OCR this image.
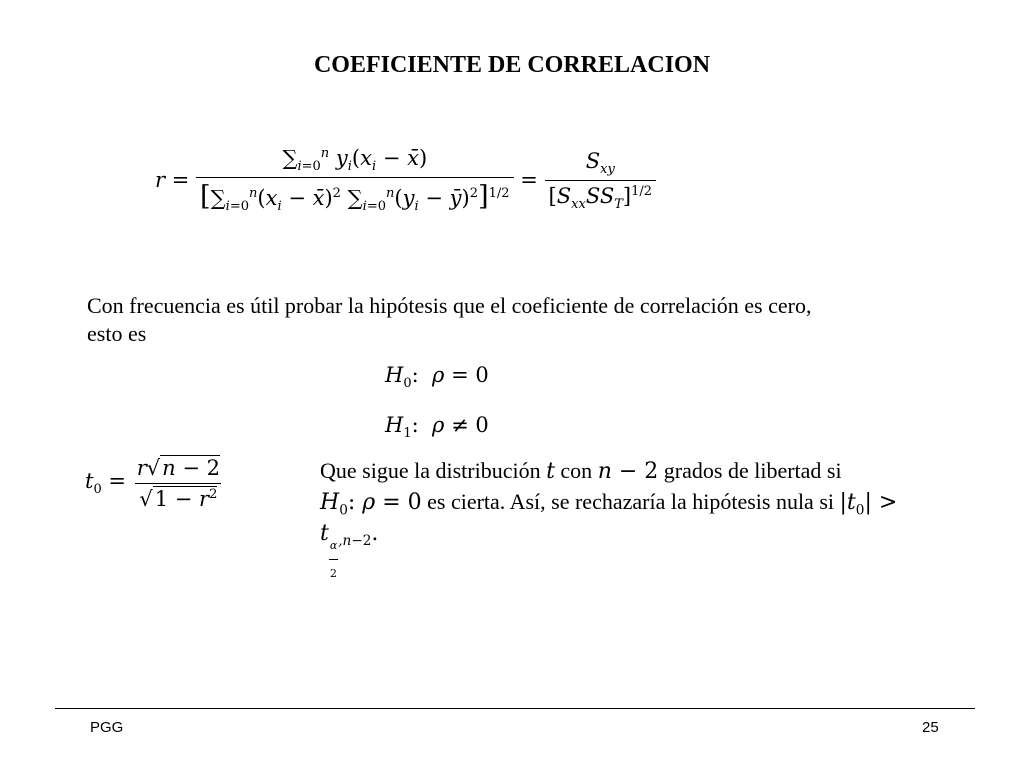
COEFICIENTE DE CORRELACION
$r = \frac{\sum_{i=0}^n y_i(x_i - x̄)}{[\sum_{i=0}^n(x_i - x̄)^2 \sum_{i=0}^n(y_i - ȳ)^2]^{1/2}} = \frac{S_{xy}}{[S_{xx}SS_T]^{1/2}}$
Con frecuencia es útil probar la hipótesis que el coeficiente de correlación es cero,
esto es
$H_0$:  ρ = 0
$H_1$:  ρ ≠ 0
$t_0 = \frac{r√n - 2}{√1 - r^2}$	Que sigue la distribución t con n − 2 grados de libertad si
$H_0$: ρ = 0 es cierta. Así, se rechazaría la hipótesis nula si $|t_0|$ >
t $_{\frac{\alpha}{2} ,n-2}$.
PGG	25
